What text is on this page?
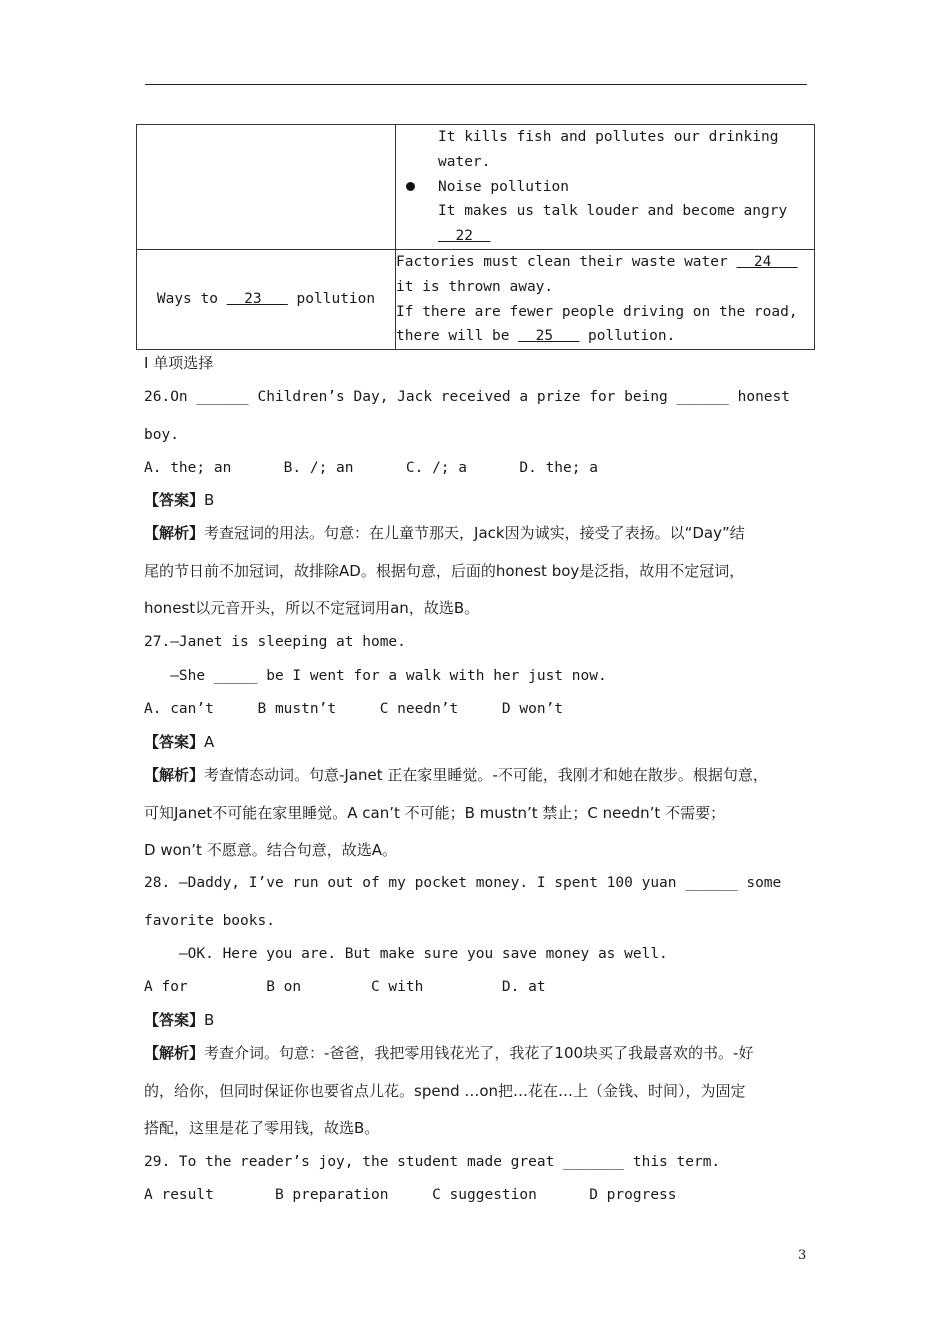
	It kills fish and pollutes our drinking
water.
Noise pollution
It makes us talk louder and become angry
22

Ways to   23    pollution	Factories must clean their waste water   24
it is thrown away.
If there are fewer people driving on the road,
there will be   25    pollution.
I 单项选择
26.On ______ Children’s Day, Jack received a prize for being ______ honest
boy.
A. the; an      B. /; an      C. /; a      D. the; a
【答案】B
【解析】考查冠词的用法。句意：在儿童节那天，Jack因为诚实，接受了表扬。以“Day”结
尾的节日前不加冠词，故排除AD。根据句意，后面的honest boy是泛指，故用不定冠词，
honest以元音开头，所以不定冠词用an，故选B。
27.—Janet is sleeping at home.
—She _____ be I went for a walk with her just now.
A. can’t     B mustn’t     C needn’t     D won’t
【答案】A
【解析】考查情态动词。句意-Janet 正在家里睡觉。-不可能，我刚才和她在散步。根据句意，
可知Janet不可能在家里睡觉。A can’t 不可能；B mustn’t 禁止；C needn’t 不需要；
D won’t 不愿意。结合句意，故选A。
28. —Daddy, I’ve run out of my pocket money. I spent 100 yuan ______ some
favorite books.
—OK. Here you are. But make sure you save money as well.
A for         B on        C with         D. at
【答案】B
【解析】考查介词。句意：-爸爸，我把零用钱花光了，我花了100块买了我最喜欢的书。-好
的，给你，但同时保证你也要省点儿花。spend …on把…花在…上（金钱、时间），为固定
搭配，这里是花了零用钱，故选B。
29. To the reader’s joy, the student made great _______ this term.
A result       B preparation     C suggestion      D progress
3
